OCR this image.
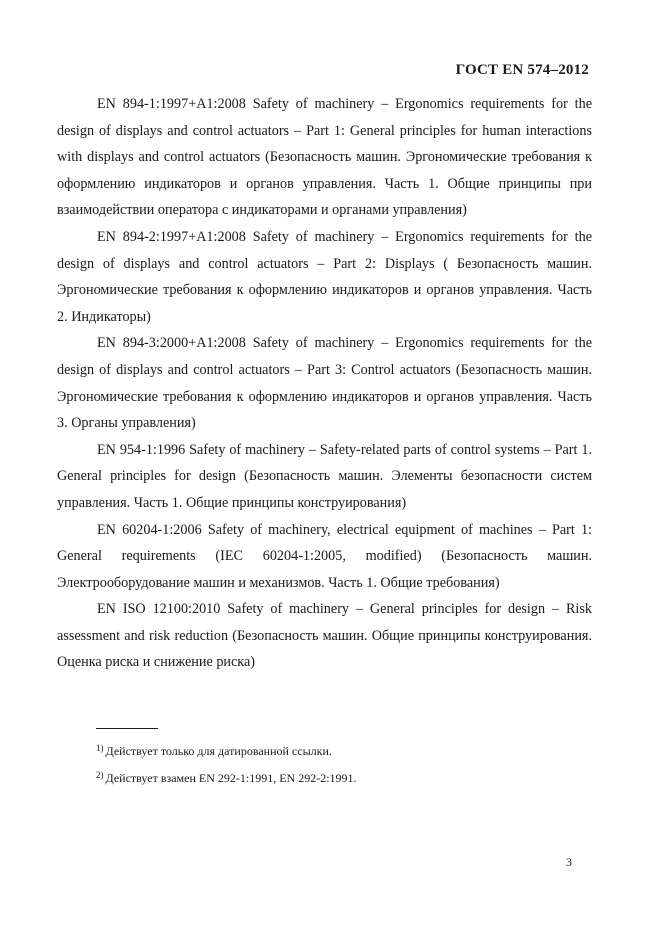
ГОСТ EN 574–2012

EN 894-1:1997+A1:2008 Safety of machinery – Ergonomics requirements for the design of displays and control actuators – Part 1: General principles for human interactions with displays and control actuators (Безопасность машин. Эргономические требования к оформлению индикаторов и органов управления. Часть 1. Общие принципы при взаимодействии оператора с индикаторами и органами управления)

EN 894-2:1997+A1:2008 Safety of machinery – Ergonomics requirements for the design of displays and control actuators – Part 2: Displays ( Безопасность машин. Эргономические требования к оформлению индикаторов и органов управления. Часть 2. Индикаторы)

EN 894-3:2000+A1:2008 Safety of machinery – Ergonomics requirements for the design of displays and control actuators – Part 3: Control actuators (Безопасность машин. Эргономические требования к оформлению индикаторов и органов управления. Часть 3. Органы управления)

EN 954-1:1996 Safety of machinery – Safety-related parts of control systems – Part 1. General principles for design (Безопасность машин. Элементы безопасности систем управления. Часть 1. Общие принципы конструирования)

EN 60204-1:2006 Safety of machinery, electrical equipment of machines – Part 1: General requirements (IEC 60204-1:2005, modified) (Безопасность машин. Электрооборудование машин и механизмов. Часть 1. Общие требования)

EN ISO 12100:2010 Safety of machinery – General principles for design – Risk assessment and risk reduction (Безопасность машин. Общие принципы конструирования. Оценка риска и снижение риска)

$^{1)}$ Действует только для датированной ссылки.
$^{2)}$ Действует взамен EN 292-1:1991, EN 292-2:1991.
3
